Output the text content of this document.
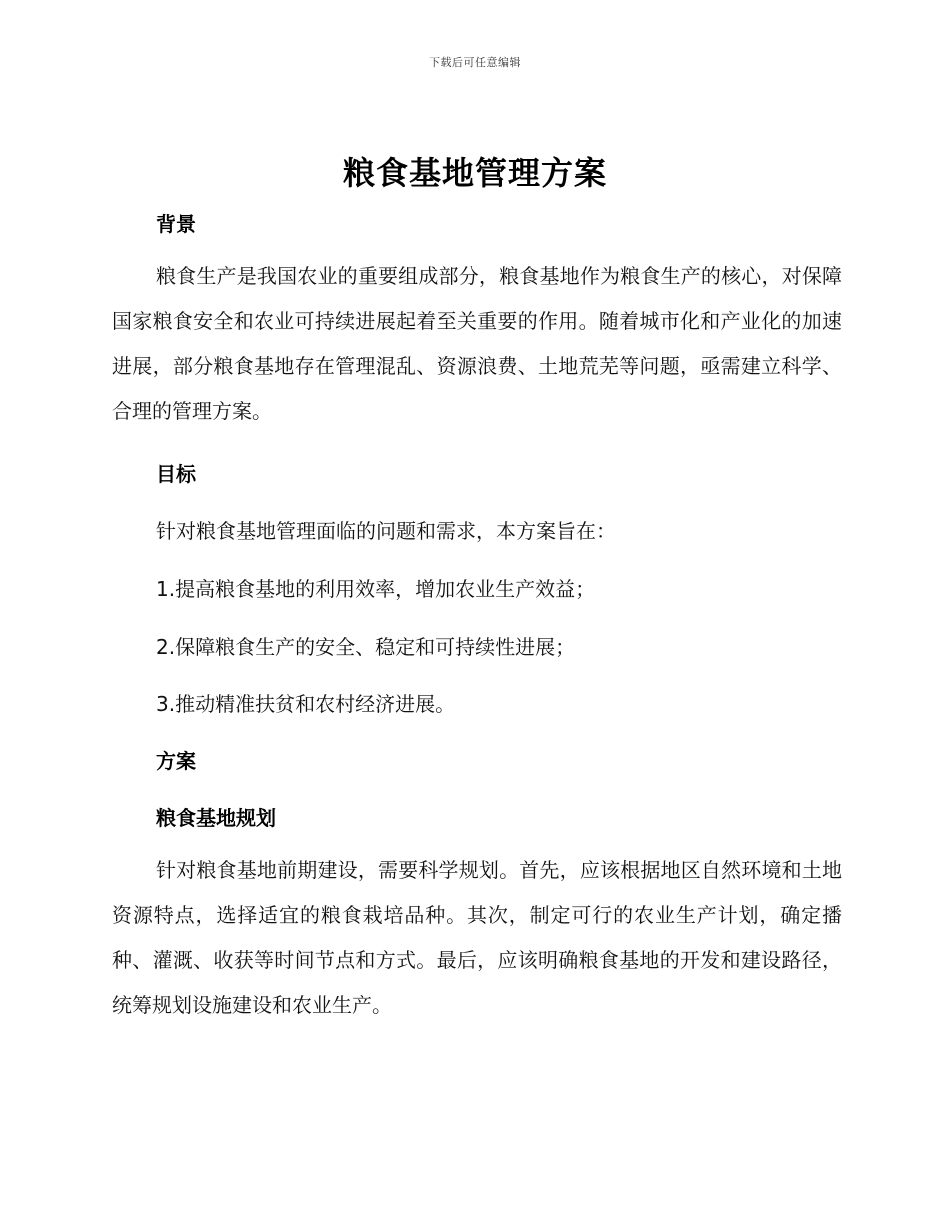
下载后可任意编辑
粮食基地管理方案
背景
粮食生产是我国农业的重要组成部分，粮食基地作为粮食生产的核心，对保障国家粮食安全和农业可持续进展起着至关重要的作用。随着城市化和产业化的加速进展，部分粮食基地存在管理混乱、资源浪费、土地荒芜等问题，亟需建立科学、合理的管理方案。
目标
针对粮食基地管理面临的问题和需求，本方案旨在：
1.提高粮食基地的利用效率，增加农业生产效益；
2.保障粮食生产的安全、稳定和可持续性进展；
3.推动精准扶贫和农村经济进展。
方案
粮食基地规划
针对粮食基地前期建设，需要科学规划。首先，应该根据地区自然环境和土地资源特点，选择适宜的粮食栽培品种。其次，制定可行的农业生产计划，确定播种、灌溉、收获等时间节点和方式。最后，应该明确粮食基地的开发和建设路径，统筹规划设施建设和农业生产。
